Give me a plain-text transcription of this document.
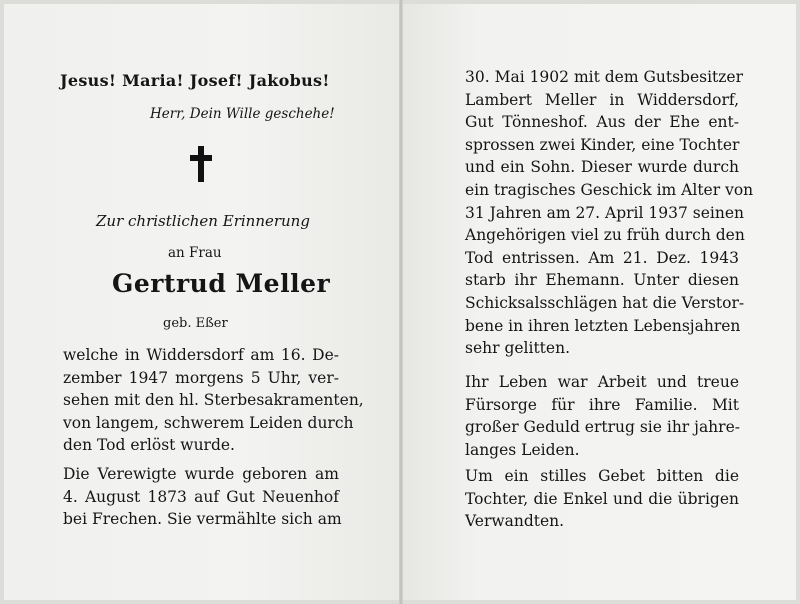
Jesus! Maria! Josef! Jakobus!
Herr, Dein Wille geschehe!
Zur christlichen Erinnerung
an Frau
Gertrud Meller
geb. Eßer
welche in Widdersdorf am 16. De-
zember 1947 morgens 5 Uhr, ver-
sehen mit den hl. Sterbesakramenten,
von langem, schwerem Leiden durch
den Tod erlöst wurde.
Die Verewigte wurde geboren am
4. August 1873 auf Gut Neuenhof
bei Frechen. Sie vermählte sich am
30. Mai 1902 mit dem Gutsbesitzer
Lambert Meller in Widdersdorf,
Gut Tönneshof. Aus der Ehe ent-
sprossen zwei Kinder, eine Tochter
und ein Sohn. Dieser wurde durch
ein tragisches Geschick im Alter von
31 Jahren am 27. April 1937 seinen
Angehörigen viel zu früh durch den
Tod entrissen. Am 21. Dez. 1943
starb ihr Ehemann. Unter diesen
Schicksalsschlägen hat die Verstor-
bene in ihren letzten Lebensjahren
sehr gelitten.
Ihr Leben war Arbeit und treue
Fürsorge für ihre Familie. Mit
großer Geduld ertrug sie ihr jahre-
langes Leiden.
Um ein stilles Gebet bitten die
Tochter, die Enkel und die übrigen
Verwandten.
